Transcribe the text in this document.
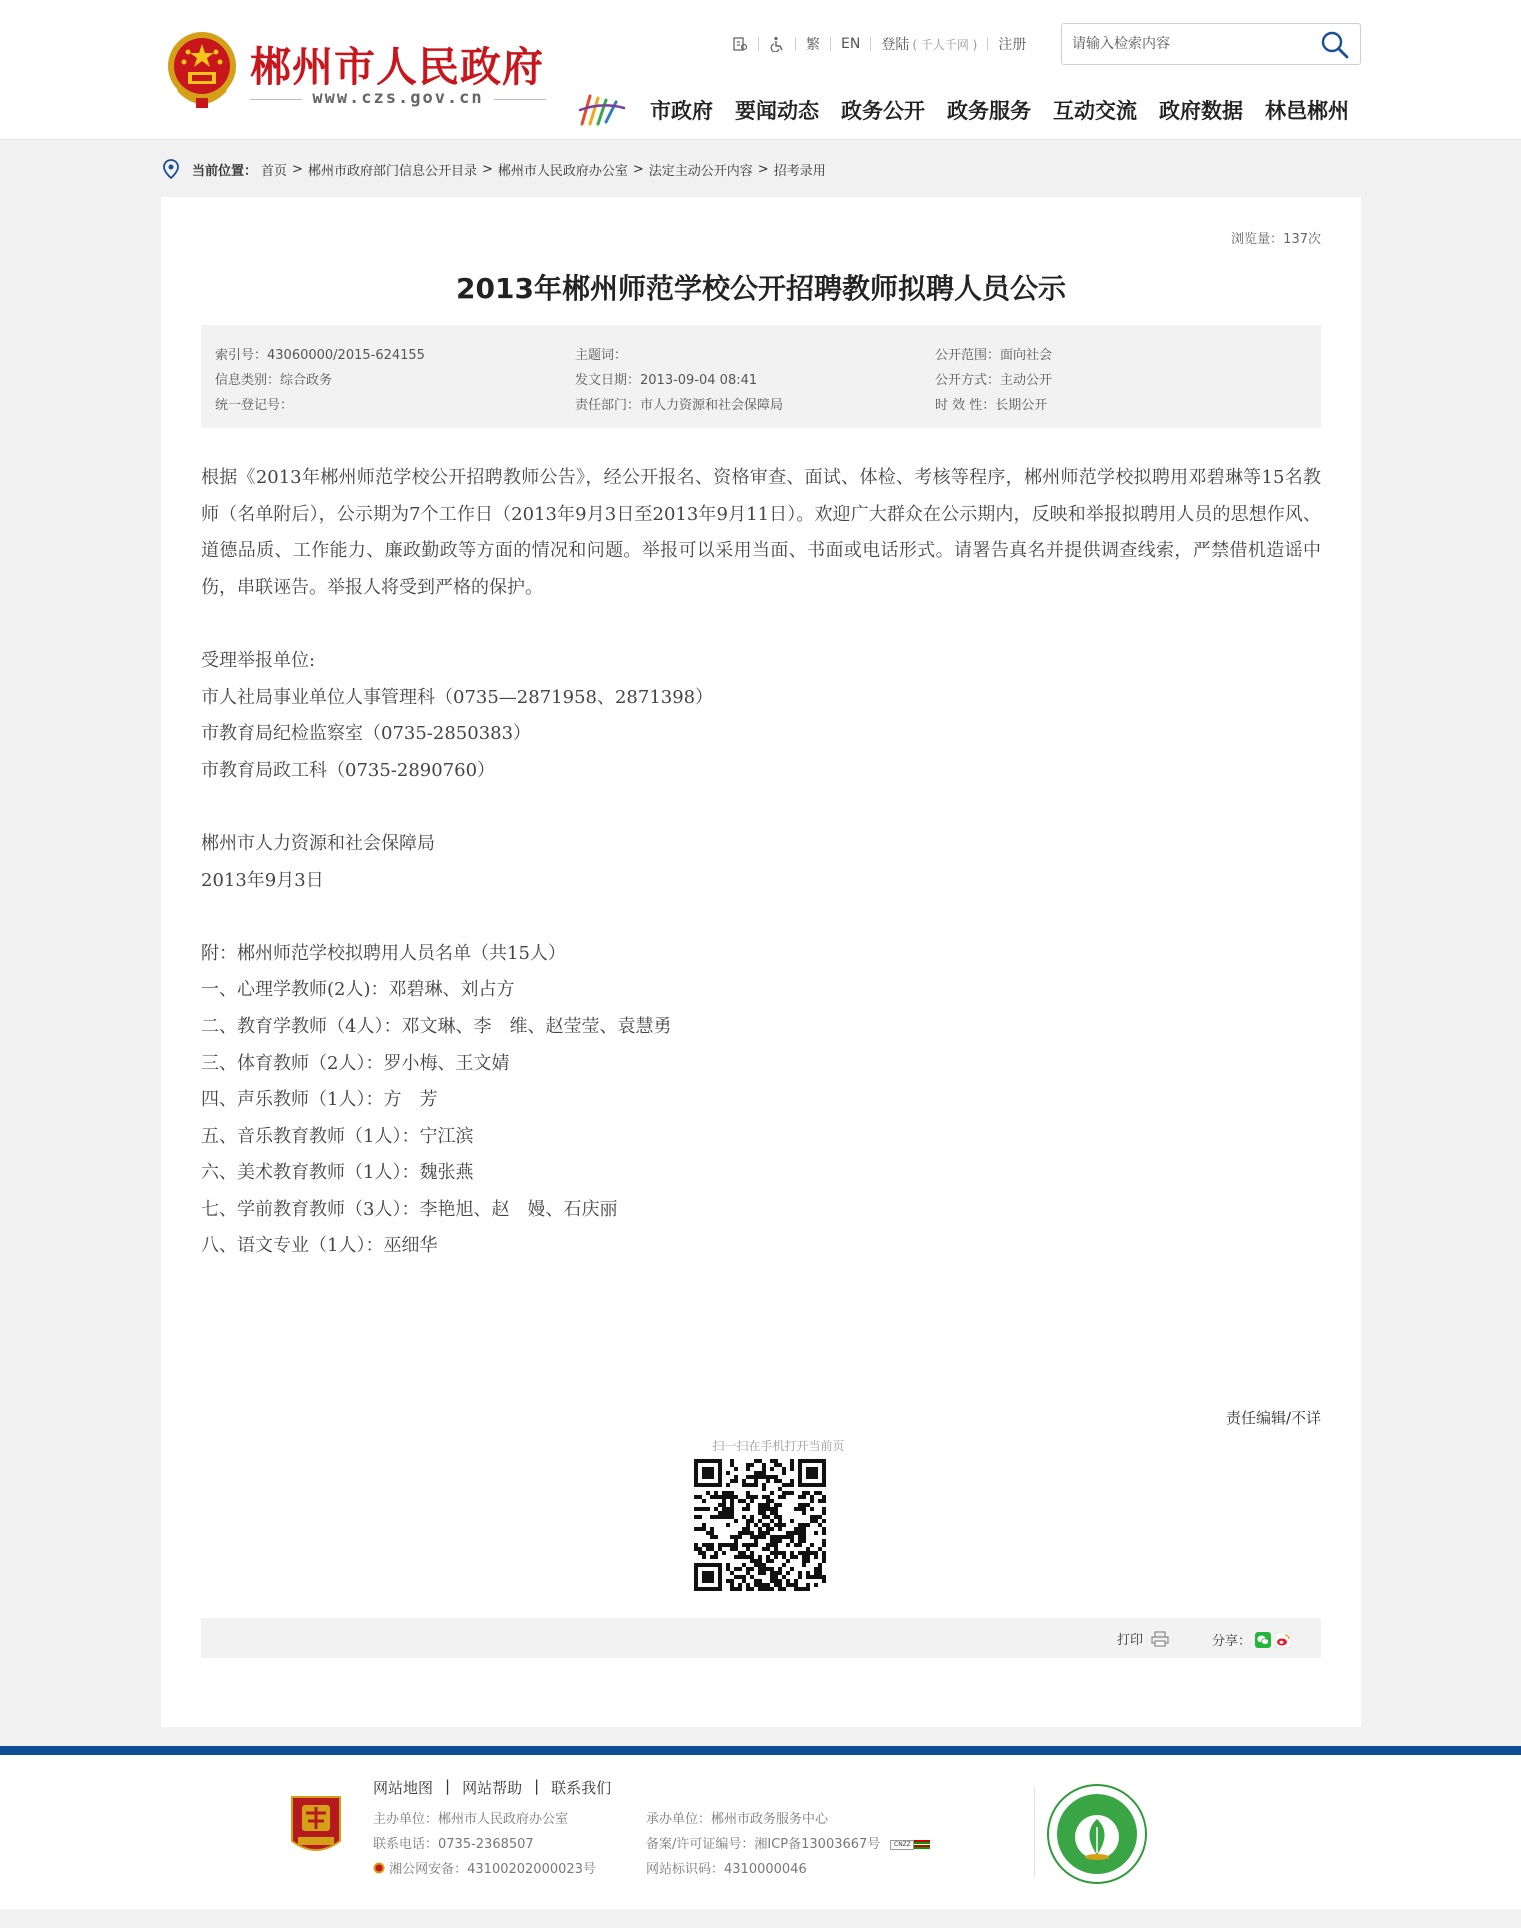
郴州市人民政府
www.czs.gov.cn
繁	EN	登陆 ( 千人千网 )	注册
请输入检索内容
市政府 要闻动态 政务公开 政务服务 互动交流 政府数据 林邑郴州
当前位置： 首页 > 郴州市政府部门信息公开目录 > 郴州市人民政府办公室 > 法定主动公开内容 > 招考录用
浏览量： 137次
2013年郴州师范学校公开招聘教师拟聘人员公示
索引号：43060000/2015-624155	主题词：	公开范围：面向社会
信息类别：综合政务	发文日期：2013-09-04 08:41	公开方式：主动公开
统一登记号：	责任部门：市人力资源和社会保障局	时 效 性：长期公开

根据《2013年郴州师范学校公开招聘教师公告》，经公开报名、资格审查、面试、体检、考核等程序，郴州师范学校拟聘用邓碧琳等15名教师（名单附后），公示期为7个工作日（2013年9月3日至2013年9月11日）。欢迎广大群众在公示期内，反映和举报拟聘用人员的思想作风、道德品质、工作能力、廉政勤政等方面的情况和问题。举报可以采用当面、书面或电话形式。请署告真名并提供调查线索，严禁借机造谣中伤，串联诬告。举报人将受到严格的保护。

受理举报单位:

市人社局事业单位人事管理科（0735—2871958、2871398）

市教育局纪检监察室（0735-2850383）

市教育局政工科（0735-2890760）

郴州市人力资源和社会保障局

2013年9月3日

附：郴州师范学校拟聘用人员名单（共15人）

一、心理学教师(2人)：邓碧琳、刘占方

二、教育学教师（4人）：邓文琳、李　维、赵莹莹、袁慧勇

三、体育教师（2人）：罗小梅、王文婧

四、声乐教师（1人）：方　芳

五、音乐教育教师（1人）：宁江滨

六、美术教育教师（1人）：魏张燕

七、学前教育教师（3人）：李艳旭、赵　嫚、石庆丽

八、语文专业（1人）：巫细华

责任编辑/不详
扫一扫在手机打开当前页
打印	分享：
网站地图 | 网站帮助 | 联系我们
主办单位：郴州市人民政府办公室
联系电话：0735-2368507
湘公网安备：43100202000023号
承办单位：郴州市政务服务中心
备案/许可证编号：湘ICP备13003667号 CNZZ
网站标识码：4310000046
